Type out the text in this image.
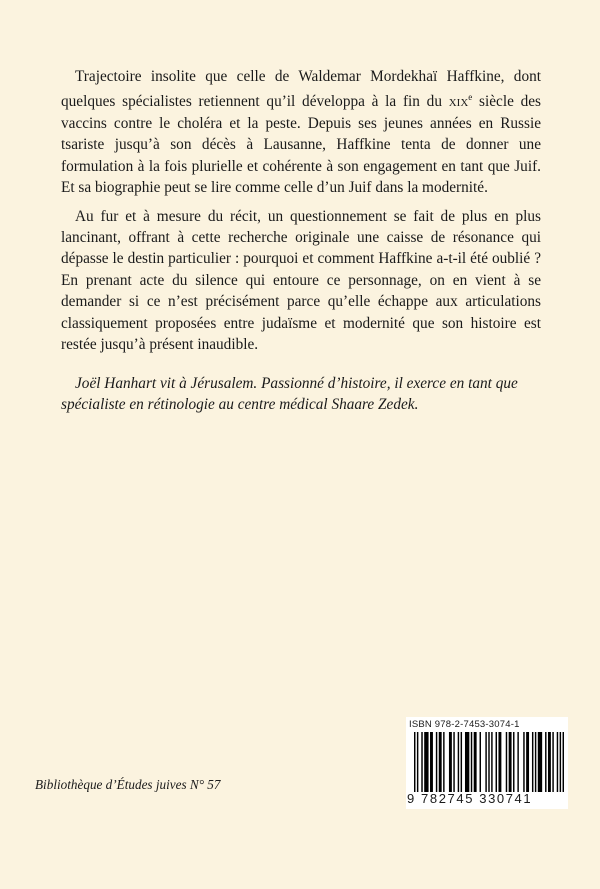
Trajectoire insolite que celle de Waldemar Mordekhaï Haffkine, dont quelques spécialistes retiennent qu’il développa à la fin du xix$^e$ siècle des vaccins contre le choléra et la peste. Depuis ses jeunes années en Russie tsariste jusqu’à son décès à Lausanne, Haffkine tenta de donner une formulation à la fois plurielle et cohérente à son engagement en tant que Juif. Et sa biographie peut se lire comme celle d’un Juif dans la modernité.

Au fur et à mesure du récit, un questionnement se fait de plus en plus lancinant, offrant à cette recherche originale une caisse de résonance qui dépasse le destin particulier : pourquoi et comment Haffkine a-t-il été oublié ? En prenant acte du silence qui entoure ce personnage, on en vient à se demander si ce n’est précisément parce qu’elle échappe aux articulations classiquement proposées entre judaïsme et modernité que son histoire est restée jusqu’à présent inaudible.

Joël Hanhart vit à Jérusalem. Passionné d’histoire, il exerce en tant que spécialiste en rétinologie au centre médical Shaare Zedek.
Bibliothèque d’Études juives N° 57
ISBN 978-2-7453-3074-1
9 782745 330741
